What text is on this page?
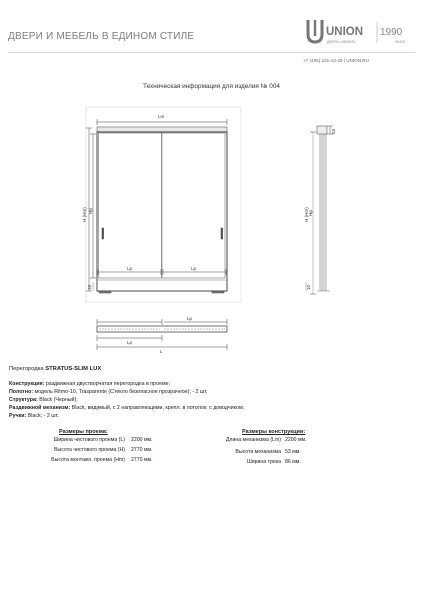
ДВЕРИ И МЕБЕЛЬ В ЕДИНОМ СТИЛЕ	UNION
ДВЕРИ • МЕБЕЛЬ
1990
SINCE
+7 (495) 231-43-43 | UNION.RU
Техническая информация для изделия № 004
Lm
H (Hm) Hp
10
Lp	Lp
H (Hm) Hp
10
53
Lp
Lp
L
Перегородка STRATUS-SLIM LUX
Конструкция: раздвижная двустворчатая перегородка в проеме;
Полотно: модель Ritmo-10, Trasparente (Стекло безопасное прозрачное); - 2 шт.
Структура: Black (Черный);
Раздвижной механизм: Black, видимый, с 2 направляющими, крепл. в потолок; с доводчиком;
Ручки: Black; - 2 шт.
Размеры проема:
Ширина чистового проема (L) 2200 мм.
Высота чистового проема (H) 2770 мм.
Высота монтажн. проема (Hm) 2770 мм.
Размеры конструкции:
Длина механизма (Lm) 2200 мм.
Высота механизма 53 мм.
Ширина трека 86 мм.
